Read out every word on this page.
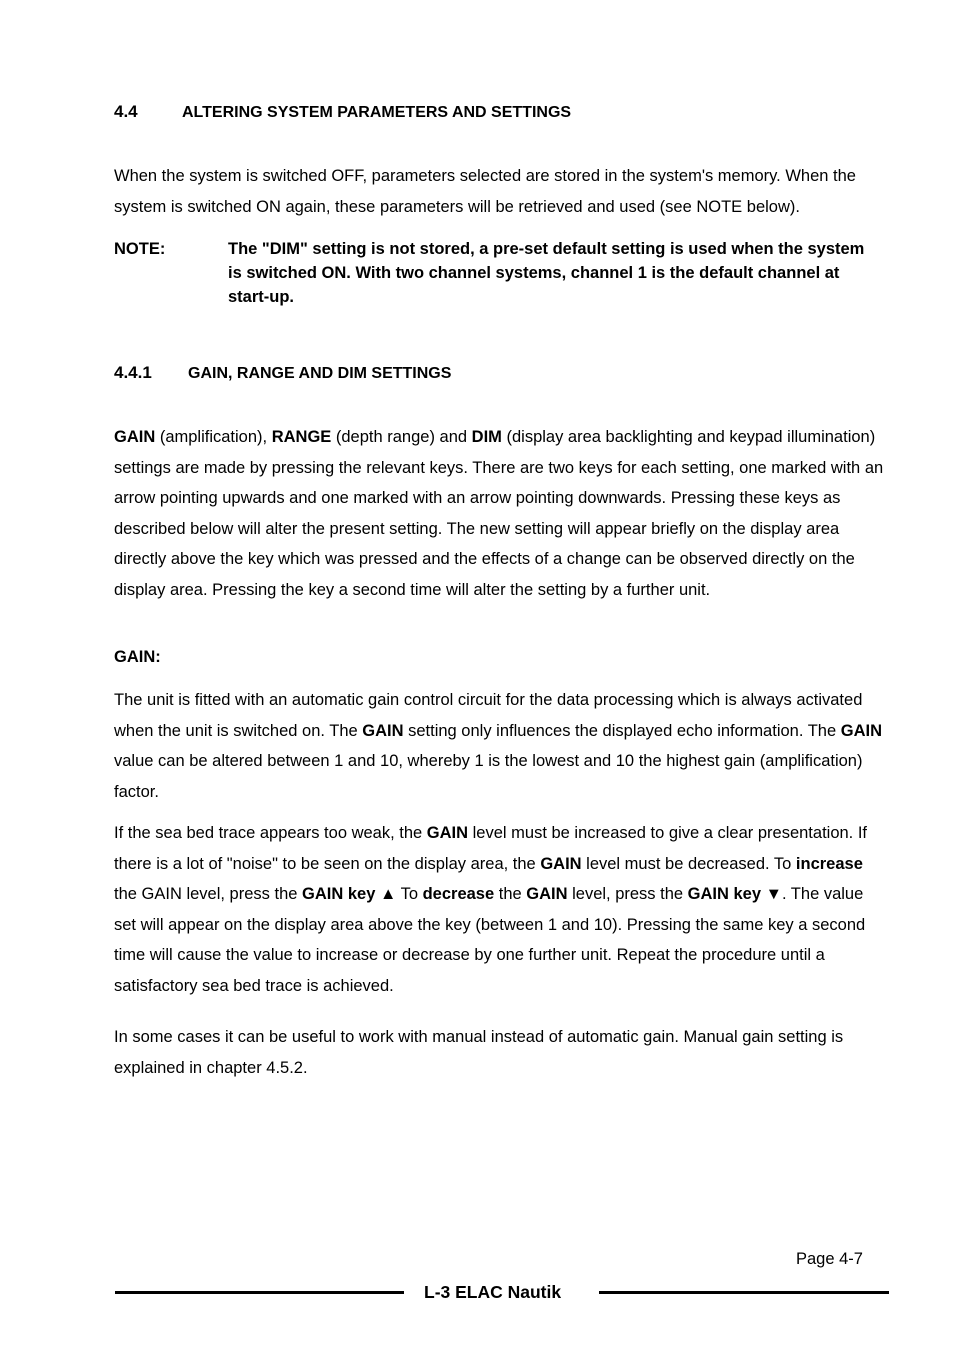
4.4	ALTERING SYSTEM PARAMETERS AND SETTINGS
When the system is switched OFF, parameters selected are stored in the system's memory. When the system is switched ON again, these parameters will be retrieved and used (see NOTE below).
NOTE:	The "DIM" setting is not stored, a pre-set default setting is used when the system is switched ON. With two channel systems, channel 1 is the default channel at start-up.
4.4.1 GAIN, RANGE AND DIM SETTINGS
GAIN (amplification), RANGE (depth range) and DIM (display area backlighting and keypad illumination) settings are made by pressing the relevant keys. There are two keys for each setting, one marked with an arrow pointing upwards and one marked with an arrow pointing downwards. Pressing these keys as described below will alter the present setting. The new setting will appear briefly on the display area directly above the key which was pressed and the effects of a change can be observed directly on the display area. Pressing the key a second time will alter the setting by a further unit.
GAIN:
The unit is fitted with an automatic gain control circuit for the data processing which is always activated when the unit is switched on. The GAIN setting only influences the displayed echo information. The GAIN value can be altered between 1 and 10, whereby 1 is the lowest and 10 the highest gain (amplification) factor.
If the sea bed trace appears too weak, the GAIN level must be increased to give a clear presentation. If there is a lot of "noise" to be seen on the display area, the GAIN level must be decreased. To increase the GAIN level, press the GAIN key ▲ To decrease the GAIN level, press the GAIN key ▼. The value set will appear on the display area above the key (between 1 and 10). Pressing the same key a second time will cause the value to increase or decrease by one further unit. Repeat the procedure until a satisfactory sea bed trace is achieved.
In some cases it can be useful to work with manual instead of automatic gain. Manual gain setting is explained in chapter 4.5.2.
Page 4-7
L-3 ELAC Nautik
